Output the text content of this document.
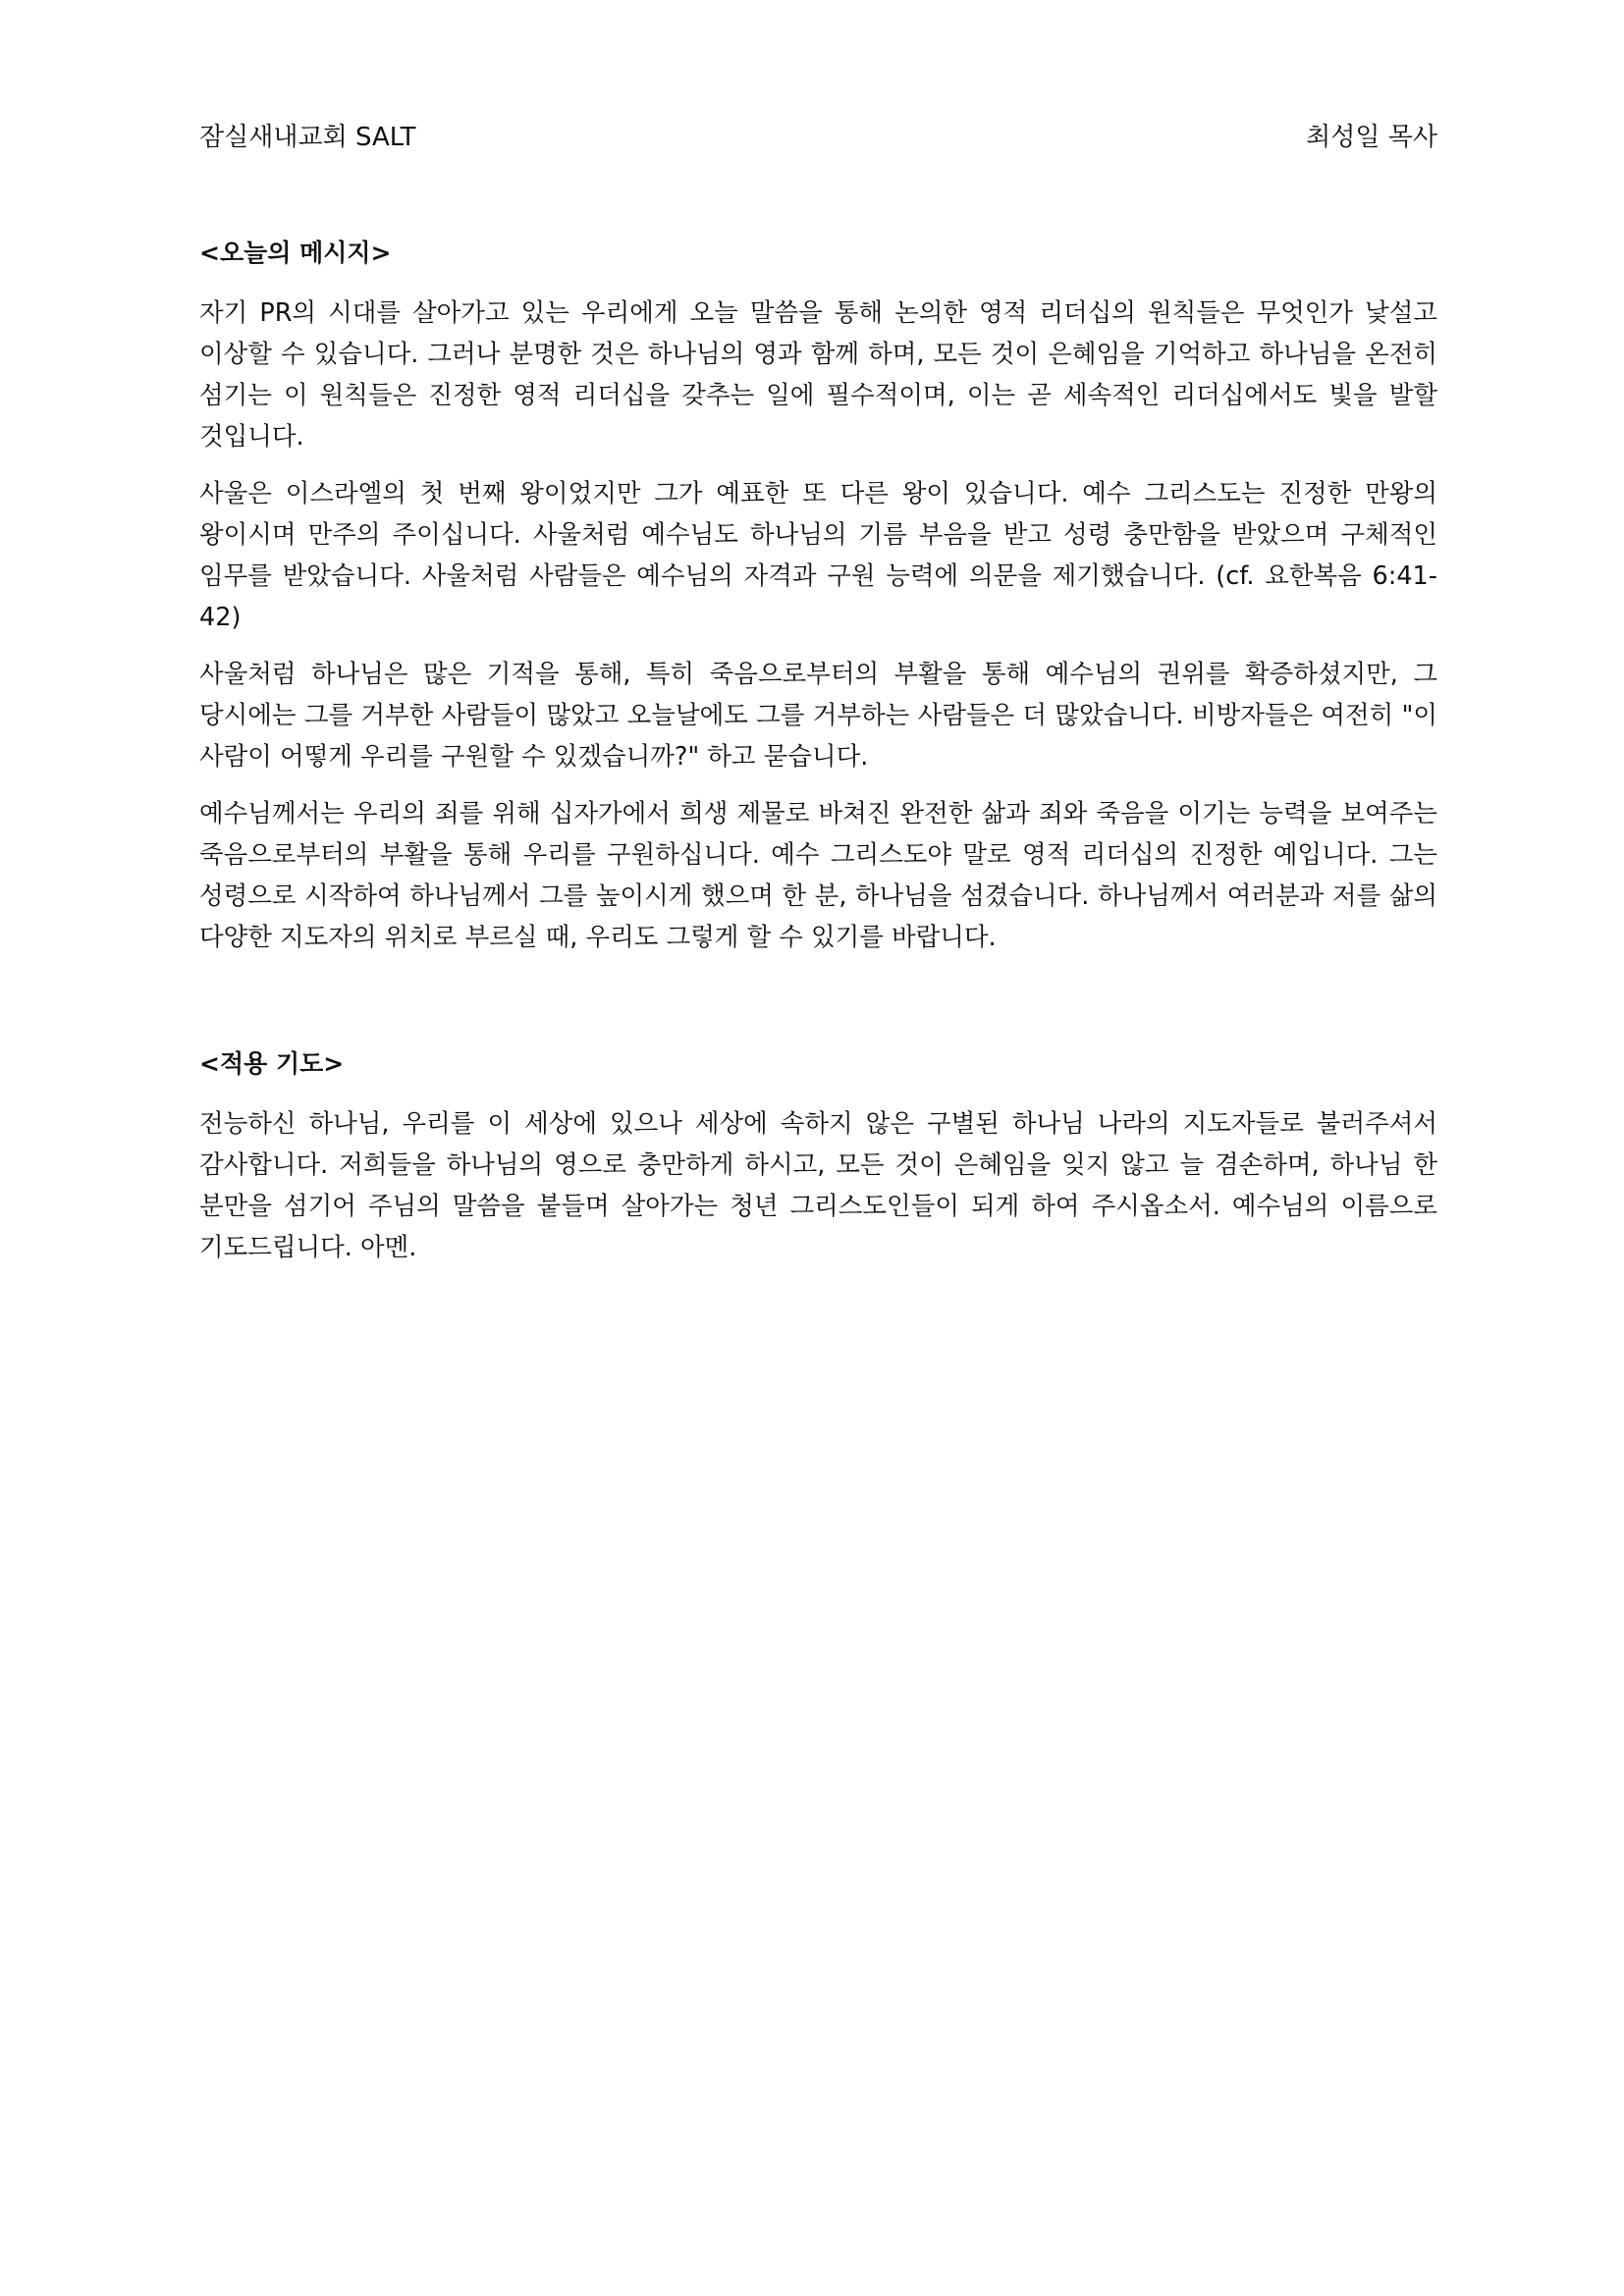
잠실새내교회 SALT	최성일 목사
<오늘의 메시지>

자기 PR의 시대를 살아가고 있는 우리에게 오늘 말씀을 통해 논의한 영적 리더십의 원칙들은 무엇인가 낯설고 이상할 수 있습니다. 그러나 분명한 것은 하나님의 영과 함께 하며, 모든 것이 은혜임을 기억하고 하나님을 온전히 섬기는 이 원칙들은 진정한 영적 리더십을 갖추는 일에 필수적이며, 이는 곧 세속적인 리더십에서도 빛을 발할 것입니다.

사울은 이스라엘의 첫 번째 왕이었지만 그가 예표한 또 다른 왕이 있습니다. 예수 그리스도는 진정한 만왕의 왕이시며 만주의 주이십니다. 사울처럼 예수님도 하나님의 기름 부음을 받고 성령 충만함을 받았으며 구체적인 임무를 받았습니다. 사울처럼 사람들은 예수님의 자격과 구원 능력에 의문을 제기했습니다. (cf. 요한복음 6:41-42)

사울처럼 하나님은 많은 기적을 통해, 특히 죽음으로부터의 부활을 통해 예수님의 권위를 확증하셨지만, 그 당시에는 그를 거부한 사람들이 많았고 오늘날에도 그를 거부하는 사람들은 더 많았습니다. 비방자들은 여전히 "이 사람이 어떻게 우리를 구원할 수 있겠습니까?" 하고 묻습니다.

예수님께서는 우리의 죄를 위해 십자가에서 희생 제물로 바쳐진 완전한 삶과 죄와 죽음을 이기는 능력을 보여주는 죽음으로부터의 부활을 통해 우리를 구원하십니다. 예수 그리스도야 말로 영적 리더십의 진정한 예입니다. 그는 성령으로 시작하여 하나님께서 그를 높이시게 했으며 한 분, 하나님을 섬겼습니다. 하나님께서 여러분과 저를 삶의 다양한 지도자의 위치로 부르실 때, 우리도 그렇게 할 수 있기를 바랍니다.

<적용 기도>

전능하신 하나님, 우리를 이 세상에 있으나 세상에 속하지 않은 구별된 하나님 나라의 지도자들로 불러주셔서 감사합니다. 저희들을 하나님의 영으로 충만하게 하시고, 모든 것이 은혜임을 잊지 않고 늘 겸손하며, 하나님 한 분만을 섬기어 주님의 말씀을 붙들며 살아가는 청년 그리스도인들이 되게 하여 주시옵소서. 예수님의 이름으로 기도드립니다. 아멘.
